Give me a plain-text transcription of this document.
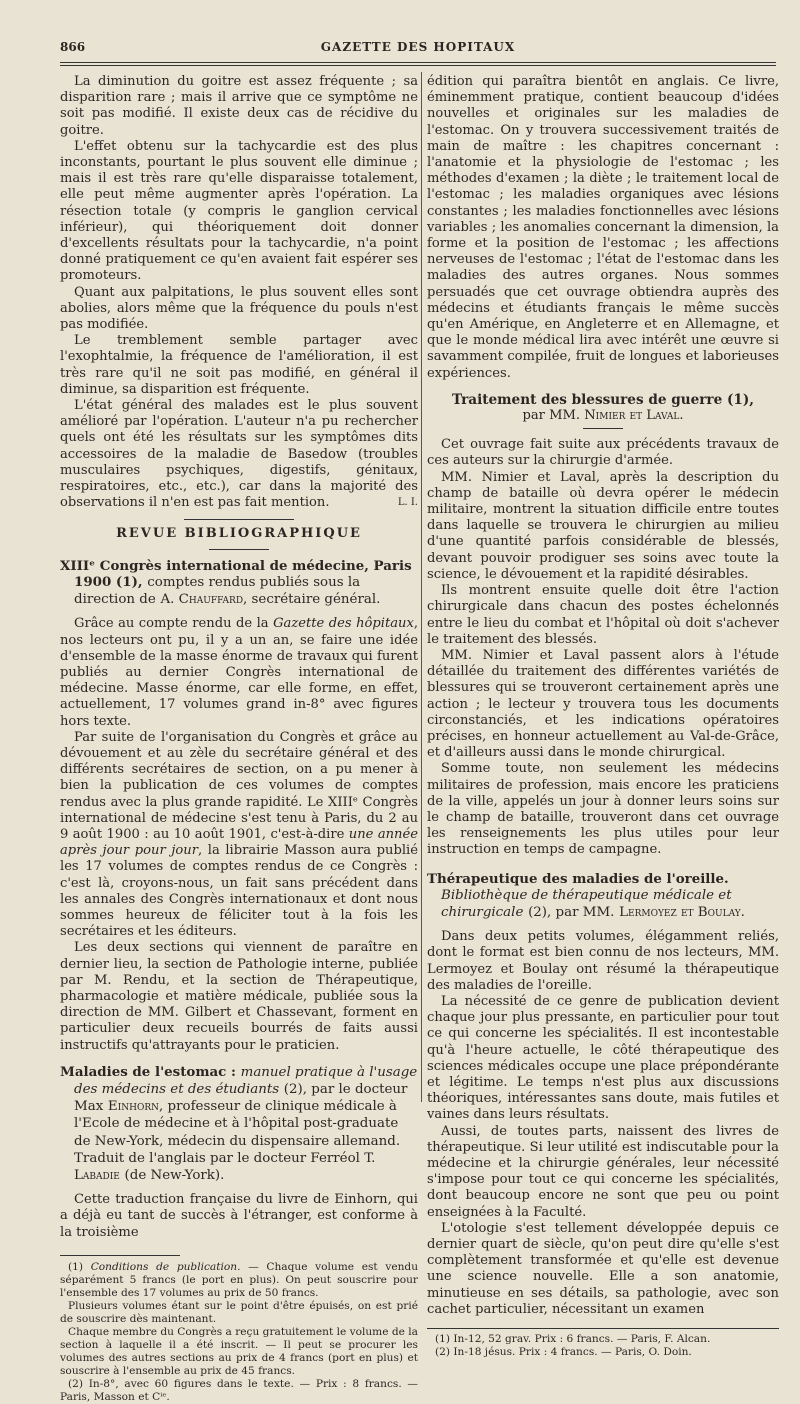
866	GAZETTE DES HOPITAUX

La diminution du goitre est assez fréquente ; sa disparition rare ; mais il arrive que ce symptôme ne soit pas modifié. Il existe deux cas de récidive du goitre.

L'effet obtenu sur la tachycardie est des plus inconstants, pourtant le plus souvent elle diminue ; mais il est très rare qu'elle disparaisse totalement, elle peut même augmenter après l'opération. La résection totale (y compris le ganglion cervical inférieur), qui théoriquement doit donner d'excellents résultats pour la tachycardie, n'a point donné pratiquement ce qu'en avaient fait espérer ses promoteurs.

Quant aux palpitations, le plus souvent elles sont abolies, alors même que la fréquence du pouls n'est pas modifiée.

Le tremblement semble partager avec l'exophtalmie, la fréquence de l'amélioration, il est très rare qu'il ne soit pas modifié, en général il diminue, sa disparition est fréquente.

L'état général des malades est le plus souvent amélioré par l'opération. L'auteur n'a pu rechercher quels ont été les résultats sur les symptômes dits accessoires de la maladie de Basedow (troubles musculaires psychiques, digestifs, génitaux, respiratoires, etc., etc.), car dans la majorité des observations il n'en est pas fait mention.	L. I.

REVUE BIBLIOGRAPHIQUE
XIIIᵉ Congrès international de médecine, Paris 1900 (1), comptes rendus publiés sous la direction de A. Chauffard, secrétaire général.

Grâce au compte rendu de la Gazette des hôpitaux, nos lecteurs ont pu, il y a un an, se faire une idée d'ensemble de la masse énorme de travaux qui furent publiés au dernier Congrès international de médecine. Masse énorme, car elle forme, en effet, actuellement, 17 volumes grand in-8° avec figures hors texte.

Par suite de l'organisation du Congrès et grâce au dévouement et au zèle du secrétaire général et des différents secrétaires de section, on a pu mener à bien la publication de ces volumes de comptes rendus avec la plus grande rapidité. Le XIIIᵉ Congrès international de médecine s'est tenu à Paris, du 2 au 9 août 1900 : au 10 août 1901, c'est-à-dire une année après jour pour jour, la librairie Masson aura publié les 17 volumes de comptes rendus de ce Congrès : c'est là, croyons-nous, un fait sans précédent dans les annales des Congrès internationaux et dont nous sommes heureux de féliciter tout à la fois les secrétaires et les éditeurs.

Les deux sections qui viennent de paraître en dernier lieu, la section de Pathologie interne, publiée par M. Rendu, et la section de Thérapeutique, pharmacologie et matière médicale, publiée sous la direction de MM. Gilbert et Chassevant, forment en particulier deux recueils bourrés de faits aussi instructifs qu'attrayants pour le praticien.

Maladies de l'estomac : manuel pratique à l'usage des médecins et des étudiants (2), par le docteur Max Einhorn, professeur de clinique médicale à l'Ecole de médecine et à l'hôpital post-graduate de New-York, médecin du dispensaire allemand. Traduit de l'anglais par le docteur Ferréol T. Labadie (de New-York).

Cette traduction française du livre de Einhorn, qui a déjà eu tant de succès à l'étranger, est conforme à la troisième

(1) Conditions de publication. — Chaque volume est vendu séparément 5 francs (le port en plus). On peut souscrire pour l'ensemble des 17 volumes au prix de 50 francs.

Plusieurs volumes étant sur le point d'être épuisés, on est prié de souscrire dès maintenant.

Chaque membre du Congrès a reçu gratuitement le volume de la section à laquelle il a été inscrit. — Il peut se procurer les volumes des autres sections au prix de 4 francs (port en plus) et souscrire à l'ensemble au prix de 45 francs.

(2) In-8°, avec 60 figures dans le texte. — Prix : 8 francs. — Paris, Masson et Cⁱᵉ.

édition qui paraîtra bientôt en anglais. Ce livre, éminemment pratique, contient beaucoup d'idées nouvelles et originales sur les maladies de l'estomac. On y trouvera successivement traités de main de maître : les chapitres concernant : l'anatomie et la physiologie de l'estomac ; les méthodes d'examen ; la diète ; le traitement local de l'estomac ; les maladies organiques avec lésions constantes ; les maladies fonctionnelles avec lésions variables ; les anomalies concernant la dimension, la forme et la position de l'estomac ; les affections nerveuses de l'estomac ; l'état de l'estomac dans les maladies des autres organes. Nous sommes persuadés que cet ouvrage obtiendra auprès des médecins et étudiants français le même succès qu'en Amérique, en Angleterre et en Allemagne, et que le monde médical lira avec intérêt une œuvre si savamment compilée, fruit de longues et laborieuses expériences.

Traitement des blessures de guerre (1),
par MM. Nimier et Laval.

Cet ouvrage fait suite aux précédents travaux de ces auteurs sur la chirurgie d'armée.

MM. Nimier et Laval, après la description du champ de bataille où devra opérer le médecin militaire, montrent la situation difficile entre toutes dans laquelle se trouvera le chirurgien au milieu d'une quantité parfois considérable de blessés, devant pouvoir prodiguer ses soins avec toute la science, le dévouement et la rapidité désirables.

Ils montrent ensuite quelle doit être l'action chirurgicale dans chacun des postes échelonnés entre le lieu du combat et l'hôpital où doit s'achever le traitement des blessés.

MM. Nimier et Laval passent alors à l'étude détaillée du traitement des différentes variétés de blessures qui se trouveront certainement après une action ; le lecteur y trouvera tous les documents circonstanciés, et les indications opératoires précises, en honneur actuellement au Val-de-Grâce, et d'ailleurs aussi dans le monde chirurgical.

Somme toute, non seulement les médecins militaires de profession, mais encore les praticiens de la ville, appelés un jour à donner leurs soins sur le champ de bataille, trouveront dans cet ouvrage les renseignements les plus utiles pour leur instruction en temps de campagne.

Thérapeutique des maladies de l'oreille. Bibliothèque de thérapeutique médicale et chirurgicale (2), par MM. Lermoyez et Boulay.

Dans deux petits volumes, élégamment reliés, dont le format est bien connu de nos lecteurs, MM. Lermoyez et Boulay ont résumé la thérapeutique des maladies de l'oreille.

La nécessité de ce genre de publication devient chaque jour plus pressante, en particulier pour tout ce qui concerne les spécialités. Il est incontestable qu'à l'heure actuelle, le côté thérapeutique des sciences médicales occupe une place prépondérante et légitime. Le temps n'est plus aux discussions théoriques, intéressantes sans doute, mais futiles et vaines dans leurs résultats.

Aussi, de toutes parts, naissent des livres de thérapeutique. Si leur utilité est indiscutable pour la médecine et la chirurgie générales, leur nécessité s'impose pour tout ce qui concerne les spécialités, dont beaucoup encore ne sont que peu ou point enseignées à la Faculté.

L'otologie s'est tellement développée depuis ce dernier quart de siècle, qu'on peut dire qu'elle s'est complètement transformée et qu'elle est devenue une science nouvelle. Elle a son anatomie, minutieuse en ses détails, sa pathologie, avec son cachet particulier, nécessitant un examen

(1) In-12, 52 grav. Prix : 6 francs. — Paris, F. Alcan.

(2) In-18 jésus. Prix : 4 francs. — Paris, O. Doin.
